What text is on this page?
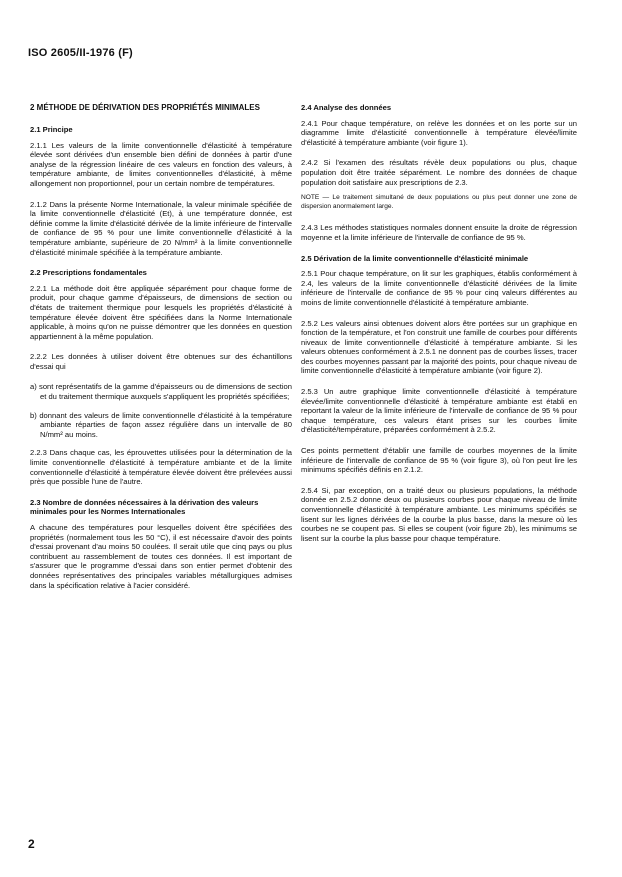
ISO 2605/II-1976 (F)
2 MÉTHODE DE DÉRIVATION DES PROPRIÉTÉS MINIMALES
2.1 Principe

2.1.1 Les valeurs de la limite conventionnelle d'élasticité à température élevée sont dérivées d'un ensemble bien défini de données à partir d'une analyse de la régression linéaire de ces valeurs en fonction des valeurs, à température ambiante, de limites conventionnelles d'élasticité, à même allongement non proportionnel, pour un certain nombre de températures.

2.1.2 Dans la présente Norme Internationale, la valeur minimale spécifiée de la limite conventionnelle d'élasticité (Et), à une température donnée, est définie comme la limite d'élasticité dérivée de la limite inférieure de l'intervalle de confiance de 95 % pour une limite conventionnelle d'élasticité à la température ambiante, supérieure de 20 N/mm² à la limite conventionnelle d'élasticité minimale spécifiée à la température ambiante.

2.2 Prescriptions fondamentales

2.2.1 La méthode doit être appliquée séparément pour chaque forme de produit, pour chaque gamme d'épaisseurs, de dimensions de section ou d'états de traitement thermique pour lesquels les propriétés d'élasticité à température élevée doivent être spécifiées dans la Norme Internationale applicable, à moins qu'on ne puisse démontrer que les données en question appartiennent à la même population.

2.2.2 Les données à utiliser doivent être obtenues sur des échantillons d'essai qui

a) sont représentatifs de la gamme d'épaisseurs ou de dimensions de section et du traitement thermique auxquels s'appliquent les propriétés spécifiées;
b) donnant des valeurs de limite conventionnelle d'élasticité à la température ambiante réparties de façon assez régulière dans un intervalle de 80 N/mm² au moins.

2.2.3 Dans chaque cas, les éprouvettes utilisées pour la détermination de la limite conventionnelle d'élasticité à température ambiante et de la limite conventionnelle d'élasticité à température élevée doivent être prélevées aussi près que possible l'une de l'autre.

2.3 Nombre de données nécessaires à la dérivation des valeurs minimales pour les Normes Internationales

A chacune des températures pour lesquelles doivent être spécifiées des propriétés (normalement tous les 50 °C), il est nécessaire d'avoir des points d'essai provenant d'au moins 50 coulées. Il serait utile que cinq pays ou plus contribuent au rassemblement de toutes ces données. Il est important de s'assurer que le programme d'essai dans son entier permet d'obtenir des données représentatives des principales variables métallurgiques admises dans la spécification relative à l'acier considéré.

2.4 Analyse des données

2.4.1 Pour chaque température, on relève les données et on les porte sur un diagramme limite d'élasticité conventionnelle à température élevée/limite d'élasticité à température ambiante (voir figure 1).

2.4.2 Si l'examen des résultats révèle deux populations ou plus, chaque population doit être traitée séparément. Le nombre des données de chaque population doit satisfaire aux prescriptions de 2.3.

NOTE — Le traitement simultané de deux populations ou plus peut donner une zone de dispersion anormalement large.

2.4.3 Les méthodes statistiques normales donnent ensuite la droite de régression moyenne et la limite inférieure de l'intervalle de confiance de 95 %.

2.5 Dérivation de la limite conventionnelle d'élasticité minimale

2.5.1 Pour chaque température, on lit sur les graphiques, établis conformément à 2.4, les valeurs de la limite conventionnelle d'élasticité dérivées de la limite inférieure de l'intervalle de confiance de 95 % pour cinq valeurs différentes au moins de limite conventionnelle d'élasticité à température ambiante.

2.5.2 Les valeurs ainsi obtenues doivent alors être portées sur un graphique en fonction de la température, et l'on construit une famille de courbes pour différents niveaux de limite conventionnelle d'élasticité à température ambiante. Si les valeurs obtenues conformément à 2.5.1 ne donnent pas de courbes lisses, tracer des courbes moyennes passant par la majorité des points, pour chaque niveau de limite conventionnelle d'élasticité à température ambiante (voir figure 2).

2.5.3 Un autre graphique limite conventionnelle d'élasticité à température élevée/limite conventionnelle d'élasticité à température ambiante est établi en reportant la valeur de la limite inférieure de l'intervalle de confiance de 95 % pour chaque température, ces valeurs étant prises sur les courbes limite d'élasticité/température, préparées conformément à 2.5.2.

Ces points permettent d'établir une famille de courbes moyennes de la limite inférieure de l'intervalle de confiance de 95 % (voir figure 3), où l'on peut lire les minimums spécifiés définis en 2.1.2.

2.5.4 Si, par exception, on a traité deux ou plusieurs populations, la méthode donnée en 2.5.2 donne deux ou plusieurs courbes pour chaque niveau de limite conventionnelle d'élasticité à température ambiante. Les minimums spécifiés se lisent sur les lignes dérivées de la courbe la plus basse, dans la mesure où les courbes ne se coupent pas. Si elles se coupent (voir figure 2b), les minimums se lisent sur la courbe la plus basse pour chaque température.

2
